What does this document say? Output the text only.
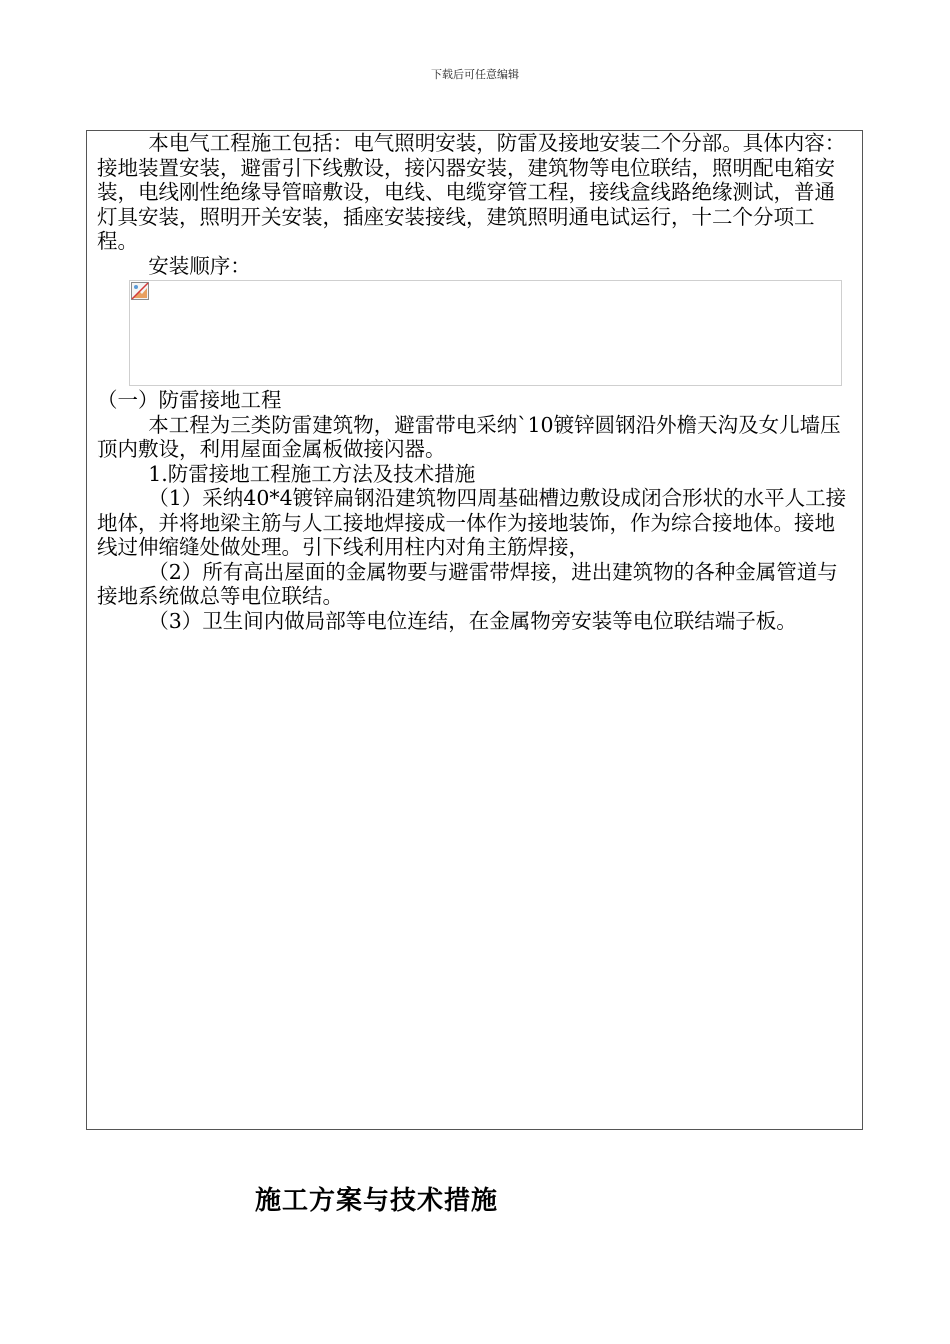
下载后可任意编辑

本电气工程施工包括：电气照明安装，防雷及接地安装二个分部。具体内容：接地装置安装，避雷引下线敷设，接闪器安装，建筑物等电位联结，照明配电箱安装，电线刚性绝缘导管暗敷设，电线、电缆穿管工程，接线盒线路绝缘测试，普通灯具安装，照明开关安装，插座安装接线，建筑照明通电试运行，十二个分项工程。

安装顺序：

（一）防雷接地工程

本工程为三类防雷建筑物，避雷带电采纳`10镀锌圆钢沿外檐天沟及女儿墙压顶内敷设，利用屋面金属板做接闪器。

1.防雷接地工程施工方法及技术措施

（1）采纳40*4镀锌扁钢沿建筑物四周基础槽边敷设成闭合形状的水平人工接地体，并将地梁主筋与人工接地焊接成一体作为接地装饰，作为综合接地体。接地线过伸缩缝处做处理。引下线利用柱内对角主筋焊接，

（2）所有高出屋面的金属物要与避雷带焊接，进出建筑物的各种金属管道与接地系统做总等电位联结。

（3）卫生间内做局部等电位连结，在金属物旁安装等电位联结端子板。

施工方案与技术措施
